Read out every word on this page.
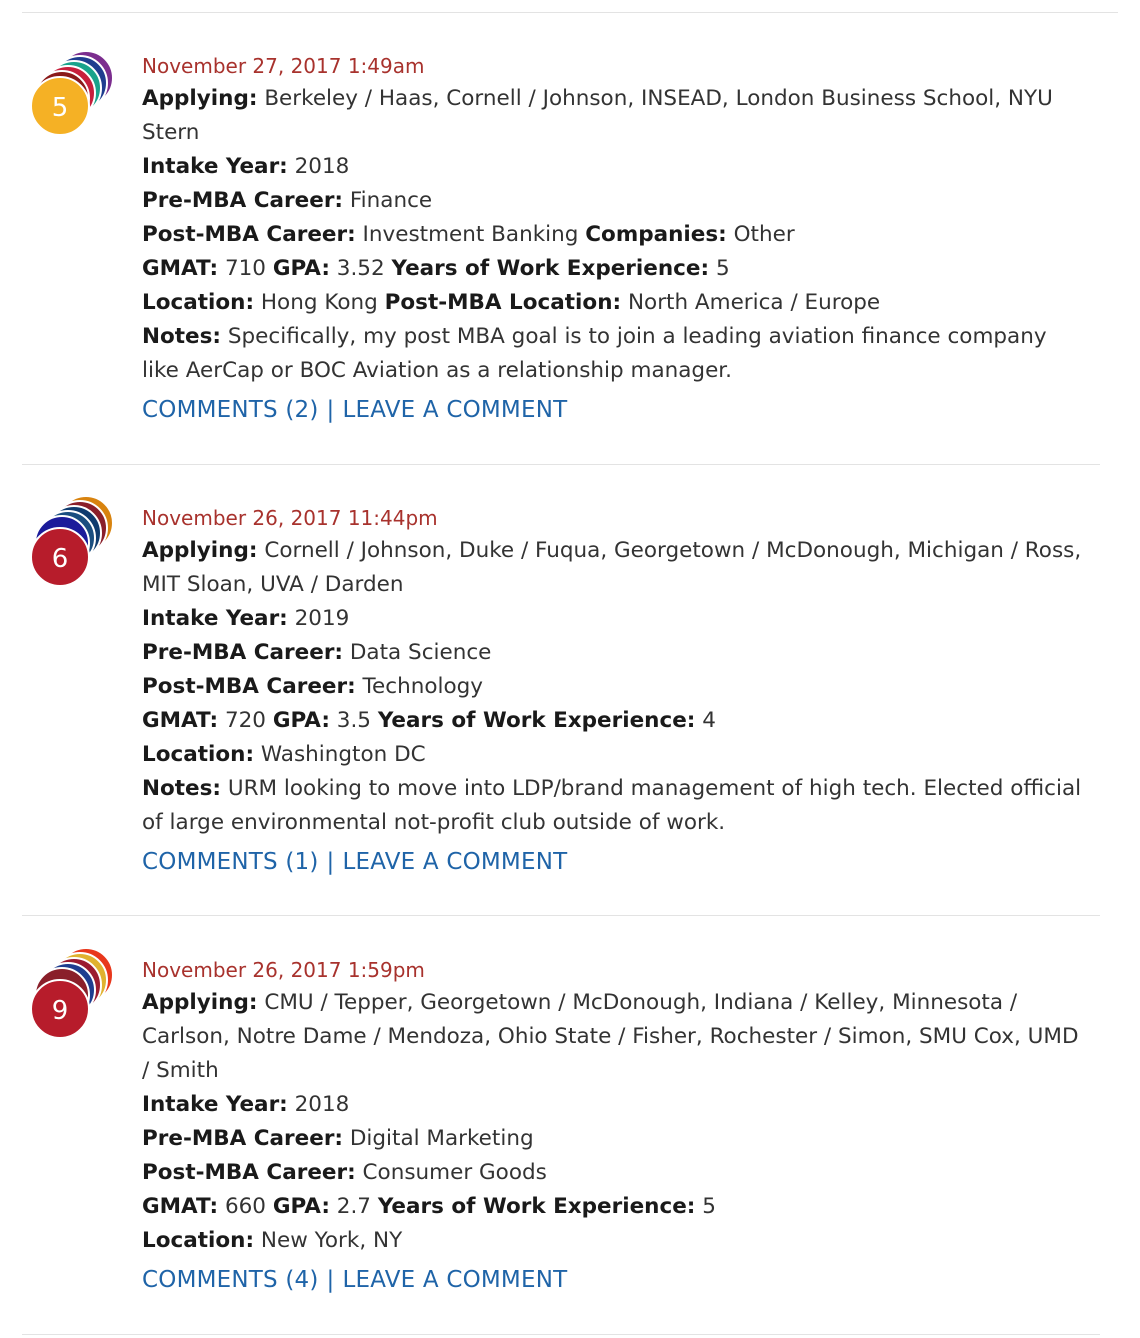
5
November 27, 2017 1:49am
Applying: Berkeley / Haas, Cornell / Johnson, INSEAD, London Business School, NYU Stern
Intake Year: 2018
Pre-MBA Career: Finance
Post-MBA Career: Investment Banking Companies: Other
GMAT: 710 GPA: 3.52 Years of Work Experience: 5
Location: Hong Kong Post-MBA Location: North America / Europe
Notes: Specifically, my post MBA goal is to join a leading aviation finance company like AerCap or BOC Aviation as a relationship manager.
COMMENTS (2) | LEAVE A COMMENT
6
November 26, 2017 11:44pm
Applying: Cornell / Johnson, Duke / Fuqua, Georgetown / McDonough, Michigan / Ross, MIT Sloan, UVA / Darden
Intake Year: 2019
Pre-MBA Career: Data Science
Post-MBA Career: Technology
GMAT: 720 GPA: 3.5 Years of Work Experience: 4
Location: Washington DC
Notes: URM looking to move into LDP/brand management of high tech. Elected official of large environmental not-profit club outside of work.
COMMENTS (1) | LEAVE A COMMENT
9
November 26, 2017 1:59pm
Applying: CMU / Tepper, Georgetown / McDonough, Indiana / Kelley, Minnesota / Carlson, Notre Dame / Mendoza, Ohio State / Fisher, Rochester / Simon, SMU Cox, UMD / Smith
Intake Year: 2018
Pre-MBA Career: Digital Marketing
Post-MBA Career: Consumer Goods
GMAT: 660 GPA: 2.7 Years of Work Experience: 5
Location: New York, NY
COMMENTS (4) | LEAVE A COMMENT
